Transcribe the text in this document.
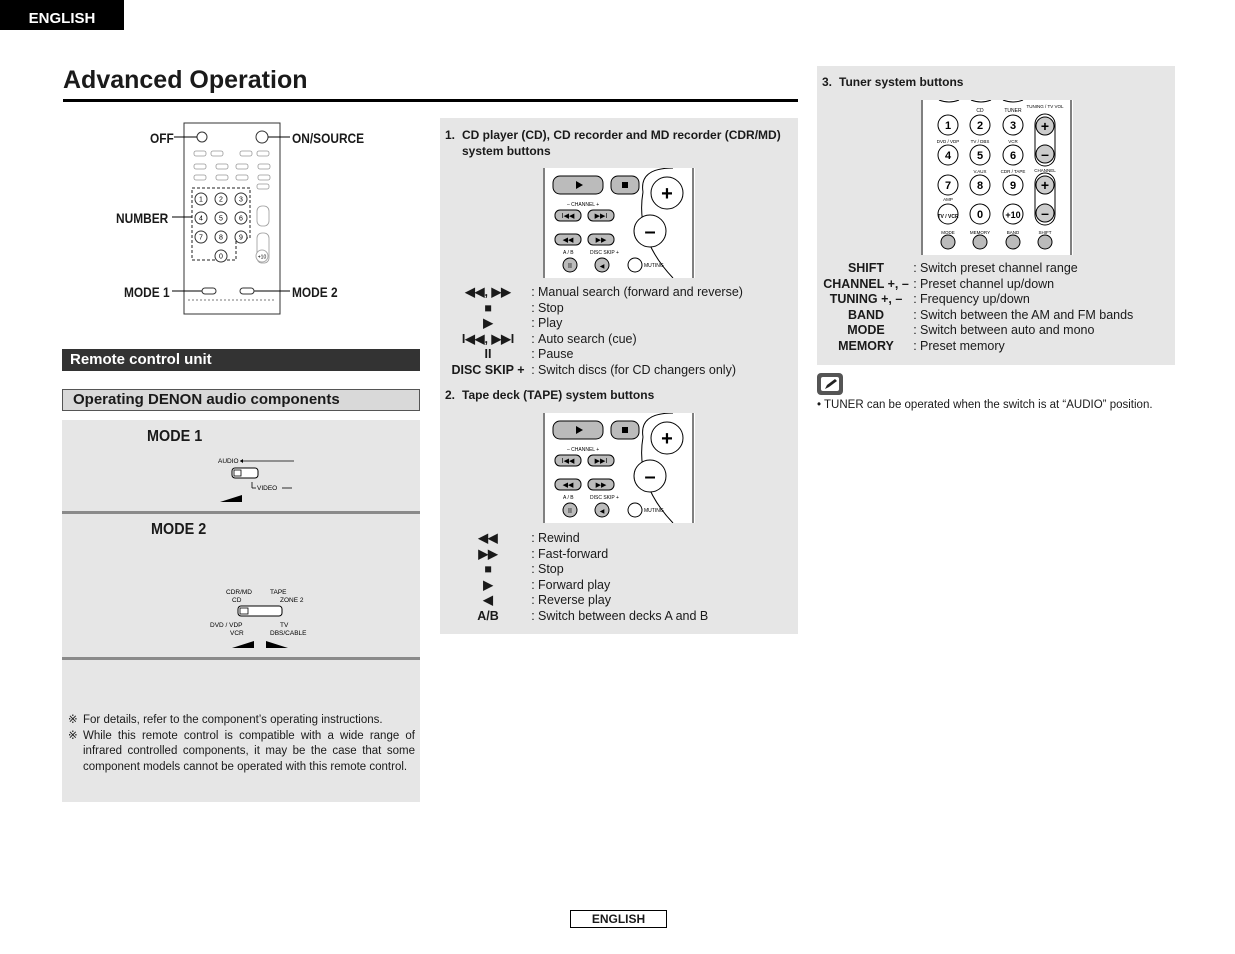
ENGLISH
Advanced Operation
1 2 3
4 5 6
7 8 9
0	+10
OFF	ON/SOURCE
NUMBER
MODE 1	MODE 2
Remote control unit
Operating DENON audio components
MODE 1
AUDIO
VIDEO
MODE 2
CDR/MD
CD
TAPE
ZONE 2
DVD / VDP
VCR
TV
DBS/CABLE
※ For details, refer to the component’s operating instructions.
※ While this remote control is compatible with a wide range of infrared controlled components, it may be the case that some component models cannot be operated with this remote control.
1. CD player (CD), CD recorder and MD recorder (CDR/MD) system buttons
+
–
– CHANNEL +
I◀◀	▶▶I
◀◀	▶▶
A / B	DISC SKIP +
II	◀	MUTING
◀◀, ▶▶	:	Manual search (forward and reverse)
■	:	Stop
▶	:	Play
I◀◀, ▶▶I	:	Auto search (cue)
II	:	Pause
DISC SKIP +	:	Switch discs (for CD changers only)
2. Tape deck (TAPE) system buttons
+
–
– CHANNEL +
I◀◀	▶▶I
◀◀	▶▶
A / B	DISC SKIP +
II	◀	MUTING
◀◀	:	Rewind
▶▶	:	Fast-forward
■	:	Stop
▶	:	Forward play
◀	:	Reverse play
A/B	:	Switch between decks A and B
3. Tuner system buttons
CD	TUNER
TUNING / TV VOL
+
–
+
–
1 2 3
4 5 6
7 8 9
TV / VCR 0 +10
DVD / VDP	TV / DBS	VCR
V.AUX	CDR / TAPE CHANNEL
AMP
MODE	MEMORY	BAND	SHIFT
SHIFT	:	Switch preset channel range
CHANNEL +, –	:	Preset channel up/down
TUNING +, –	:	Frequency up/down
BAND	:	Switch between the AM and FM bands
MODE	:	Switch between auto and mono
MEMORY	:	Preset memory
• TUNER can be operated when the switch is at “AUDIO” position.
ENGLISH
